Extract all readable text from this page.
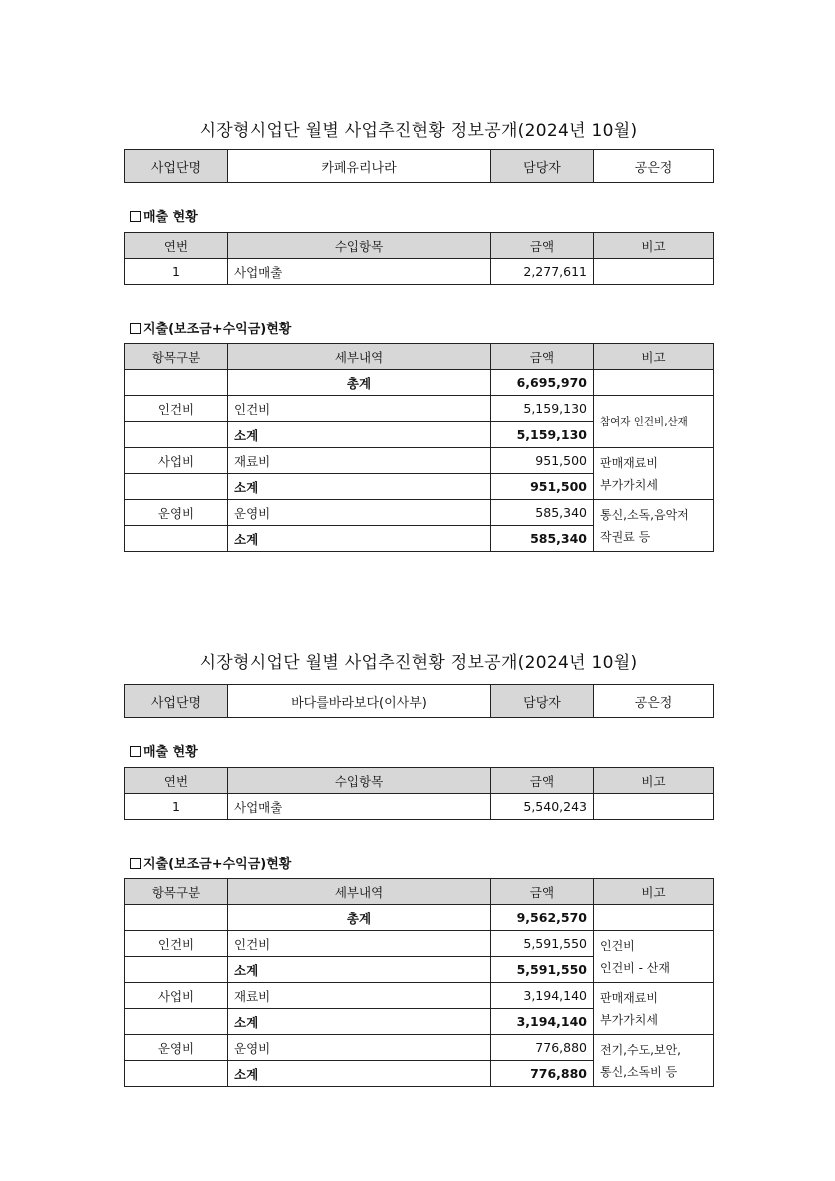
시장형시업단 월별 사업추진현황 정보공개(2024년 10월)
사업단명	카페유리나라	담당자	공은정
매출 현황
연번	수입항목	금액	비고
1	사업매출	2,277,611	
지출(보조금+수익금)현황
항목구분	세부내역	금액	비고
	총계	6,695,970	
인건비	인건비	5,159,130	참여자 인건비,산재
	소계	5,159,130	
사업비	재료비	951,500	판매재료비
부가가치세
	소계	951,500	
운영비	운영비	585,340	통신,소독,음악저
작권료 등
	소계	585,340	
시장형시업단 월별 사업추진현황 정보공개(2024년 10월)
사업단명	바다를바라보다(이사부)	담당자	공은정
매출 현황
연번	수입항목	금액	비고
1	사업매출	5,540,243	
지출(보조금+수익금)현황
항목구분	세부내역	금액	비고
	총계	9,562,570	
인건비	인건비	5,591,550	인건비
인건비 - 산재
	소계	5,591,550	
사업비	재료비	3,194,140	판매재료비
부가가치세
	소계	3,194,140	
운영비	운영비	776,880	전기,수도,보안,
통신,소독비 등
	소계	776,880	
